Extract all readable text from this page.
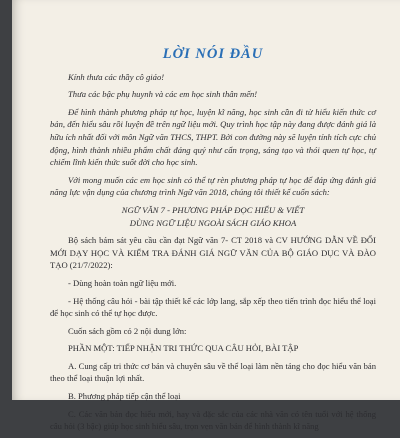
LỜI NÓI ĐẦU

Kính thưa các thầy cô giáo!

Thưa các bậc phụ huynh và các em học sinh thân mến!

Để hình thành phương pháp tự học, luyện kĩ năng, học sinh cần đi từ hiểu kiến thức cơ bản, đến hiểu sâu rồi luyện đề trên ngữ liệu mới. Quy trình học tập này đang được đánh giá là hữu ích nhất đối với môn Ngữ văn THCS, THPT. Bởi con đường này sẽ luyện tính tích cực chủ động, hình thành nhiều phẩm chất đáng quý như cẩn trọng, sáng tạo và thói quen tự học, tự chiếm lĩnh kiến thức suốt đời cho học sinh.

Với mong muốn các em học sinh có thể tự rèn phương pháp tự học để đáp ứng đánh giá năng lực vận dụng của chương trình Ngữ văn 2018, chúng tôi thiết kế cuốn sách:

NGỮ VĂN 7 - PHƯƠNG PHÁP ĐỌC HIỂU & VIẾT

DÙNG NGỮ LIỆU NGOÀI SÁCH GIÁO KHOA

Bộ sách bám sát yêu cầu cần đạt Ngữ văn 7- CT 2018 và CV HƯỚNG DẪN VỀ ĐỔI MỚI DẠY HỌC VÀ KIỂM TRA ĐÁNH GIÁ NGỮ VĂN CỦA BỘ GIÁO DỤC VÀ ĐÀO TẠO (21/7/2022):

- Dùng hoàn toàn ngữ liệu mới.

- Hệ thống câu hỏi - bài tập thiết kế các lớp lang, sắp xếp theo tiến trình đọc hiểu thể loại để học sinh có thể tự học được.

Cuốn sách gồm có 2 nội dung lớn:

PHẦN MỘT: TIẾP NHẬN TRI THỨC QUA CÂU HỎI, BÀI TẬP

A. Cung cấp tri thức cơ bản và chuyên sâu về thể loại làm nền tảng cho đọc hiểu văn bản theo thể loại thuận lợi nhất.

B. Phương pháp tiếp cận thể loại

C. Các văn bản đọc hiểu mới, hay và đặc sắc của các nhà văn có tên tuổi với hệ thống câu hỏi (3 bậc) giúp học sinh hiểu sâu, trọn vẹn văn bản để hình thành kĩ năng
